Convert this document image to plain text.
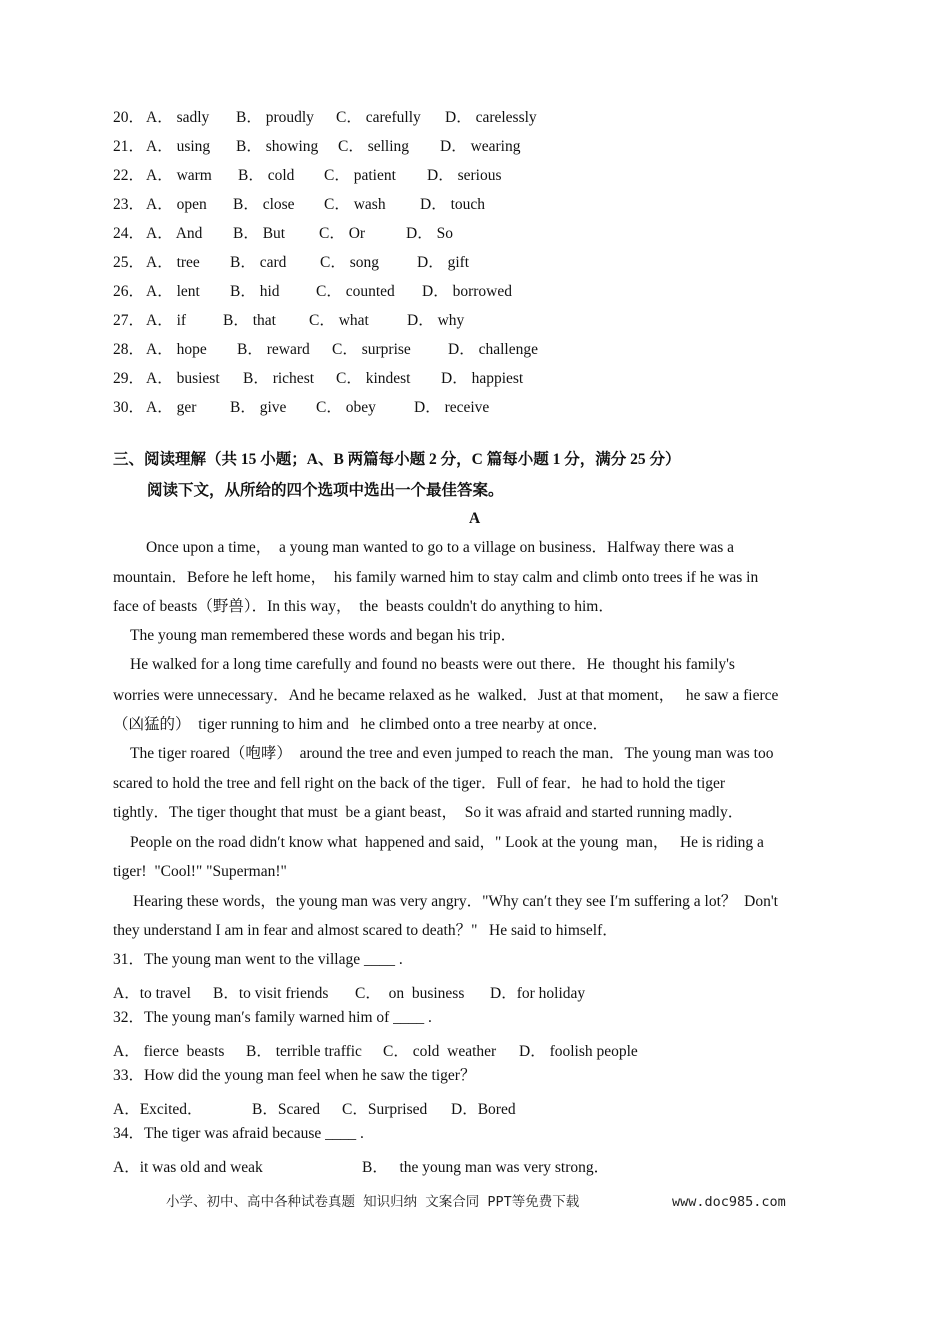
20． A． sadly B． proudly C． carefully D． carelessly
21． A． using B． showing C． selling D． wearing
22． A． warm B． cold C． patient D． serious
23． A． open B． close C． wash D． touch
24． A． And B． But C． Or	D． So
25． A． tree B． card C． song D． gift
26． A． lent B． hid C． counted D． borrowed
27． A． if B． that C． what D． why
28． A． hope B． reward C． surprise D． challenge
29． A． busiest B． richest C． kindest D． happiest
30． A． ger B． give C． obey D． receive
三、阅读理解（共 15 小题；A、B 两篇每小题 2 分，C 篇每小题 1 分，满分 25 分）
阅读下文，从所给的四个选项中选出一个最佳答案。
A
Once upon a time，  a young man wanted to go to a village on business．Halfway there was a
mountain．Before he left home，  his family warned him to stay calm and climb onto trees if he was in
face of beasts（野兽）．In this way，  the  beasts couldn't do anything to him．
The young man remembered these words and began his trip．
He walked for a long time carefully and found no beasts were out there．He  thought his family's
worries were unnecessary．And he became relaxed as he  walked．Just at that moment，   he saw a fierce
（凶猛的）  tiger running to him and   he climbed onto a tree nearby at once．
The tiger roared（咆哮）  around the tree and even jumped to reach the man．The young man was too
scared to hold the tree and fell right on the back of the tiger．Full of fear．he had to hold the tiger
tightly．The tiger thought that must  be a giant beast，  So it was afraid and started running madly．
People on the road didn′t know what  happened and said，" Look at the young  man，   He is riding a
tiger!  "Cool!" "Superman!"
Hearing these words，the young man was very angry．"Why can′t they see I′m suffering a lot？  Don't
they understand I am in fear and almost scared to death？"   He said to himself．
31．The young man went to the village ____ .
A．to travel B．to visit friends C．  on  business D．for holiday
32．The young man′s family warned him of ____ .
A． fierce  beasts B． terrible traffic C． cold  weather D． foolish people
33．How did the young man feel when he saw the tiger？
A．Excited．	B．Scared C．Surprised D．Bored
34．The tiger was afraid because ____ .
A．it was old and weak	B．   the young man was very strong．
小学、初中、高中各种试卷真题 知识归纳 文案合同 PPT等免费下载	www.doc985.com
